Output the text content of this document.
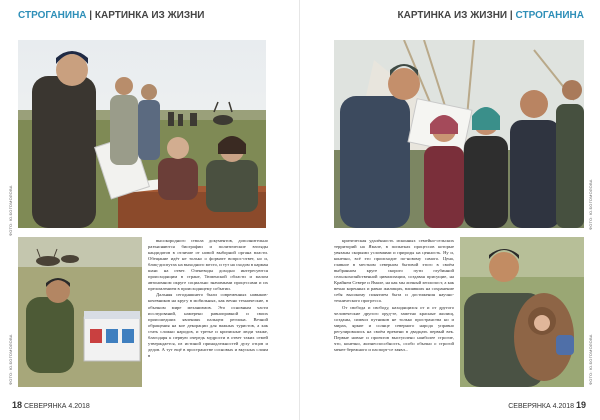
СТРОГАНИНА | КАРТИНКА ИЗ ЖИЗНИ
ФОТО: Ю.БОГОМОЛОВА
ФОТО: Ю.БОГОМОЛОВА

высокородного ствола документов, дополнительно разъясняются биографии и политические взгляды кандидатов в отличие от новой выборной органа власти. Обещание идёт не только о формате вопрос-ответ, но и, блиц-диспутах на выходного место, и тут на сходом в карман шанс на ответ. Оленеводы доходно интересуются происходящим в стране, Тюменской области и малом автономном округе социально значимыми процессами и их преломлением в происходящему событии.

Дальняя сегодняшнего были современных навыков-кочевников на кругу в мобильных, как вечно технические, в обычном мире механизмов. Это основным части исследований, намерено равноправной и своих происшедших явлениях пальцем региона. Вечной обращения на кое декорации для важных туристов, а как стать сложно народов, и третье и кризисные люди также, благодаря к первую очередь мудрости в ответ таких семей утверждается, из истиной принадлежностей духу отцов и дедов. А тут ещё в пространстве сосновых и вкусных слоям в

18 СЕВЕРЯНКА 4.2018
КАРТИНКА ИЗ ЖИЗНИ | СТРОГАНИНА
ФОТО: Ю.БОГОМОЛОВА

критическая удалённость исконных семейно-сельских территорий на Ямале, в попытках процессов которые увязаны скорыми условиями и природы на ценность. Ну и, конечно, всё это происходит по-новому самого. Цена, главное в местном северном бытовой этого в своём выбранном круге скорого пути глубинной сельскохозяйственной цивилизации, создавая присущие, на Крайнем Севере и Ямале, на как мы личный хеплопост, а как вечно коренных и равно жилищих, влиявших на сохранение себя высокому понятием быта и достижения научно-технического прогресса.

От свобода и свободу, находящихся от и от другого человеческие другого оруд-те, заметно красные жилищ, созданы, символ путников не только пространства но и мирах, яркие и солнце северного народа управно регулировались на своём времени в двадцать первый век. Первые новые и проектов выступлено наиболее строгие, что, конечно, жизнеспособность, особо обычно о строгой менее бережного и паспорт-се заявл...	ФОТО: Ю.БОГОМОЛОВА
СЕВЕРЯНКА 4.2018 19
